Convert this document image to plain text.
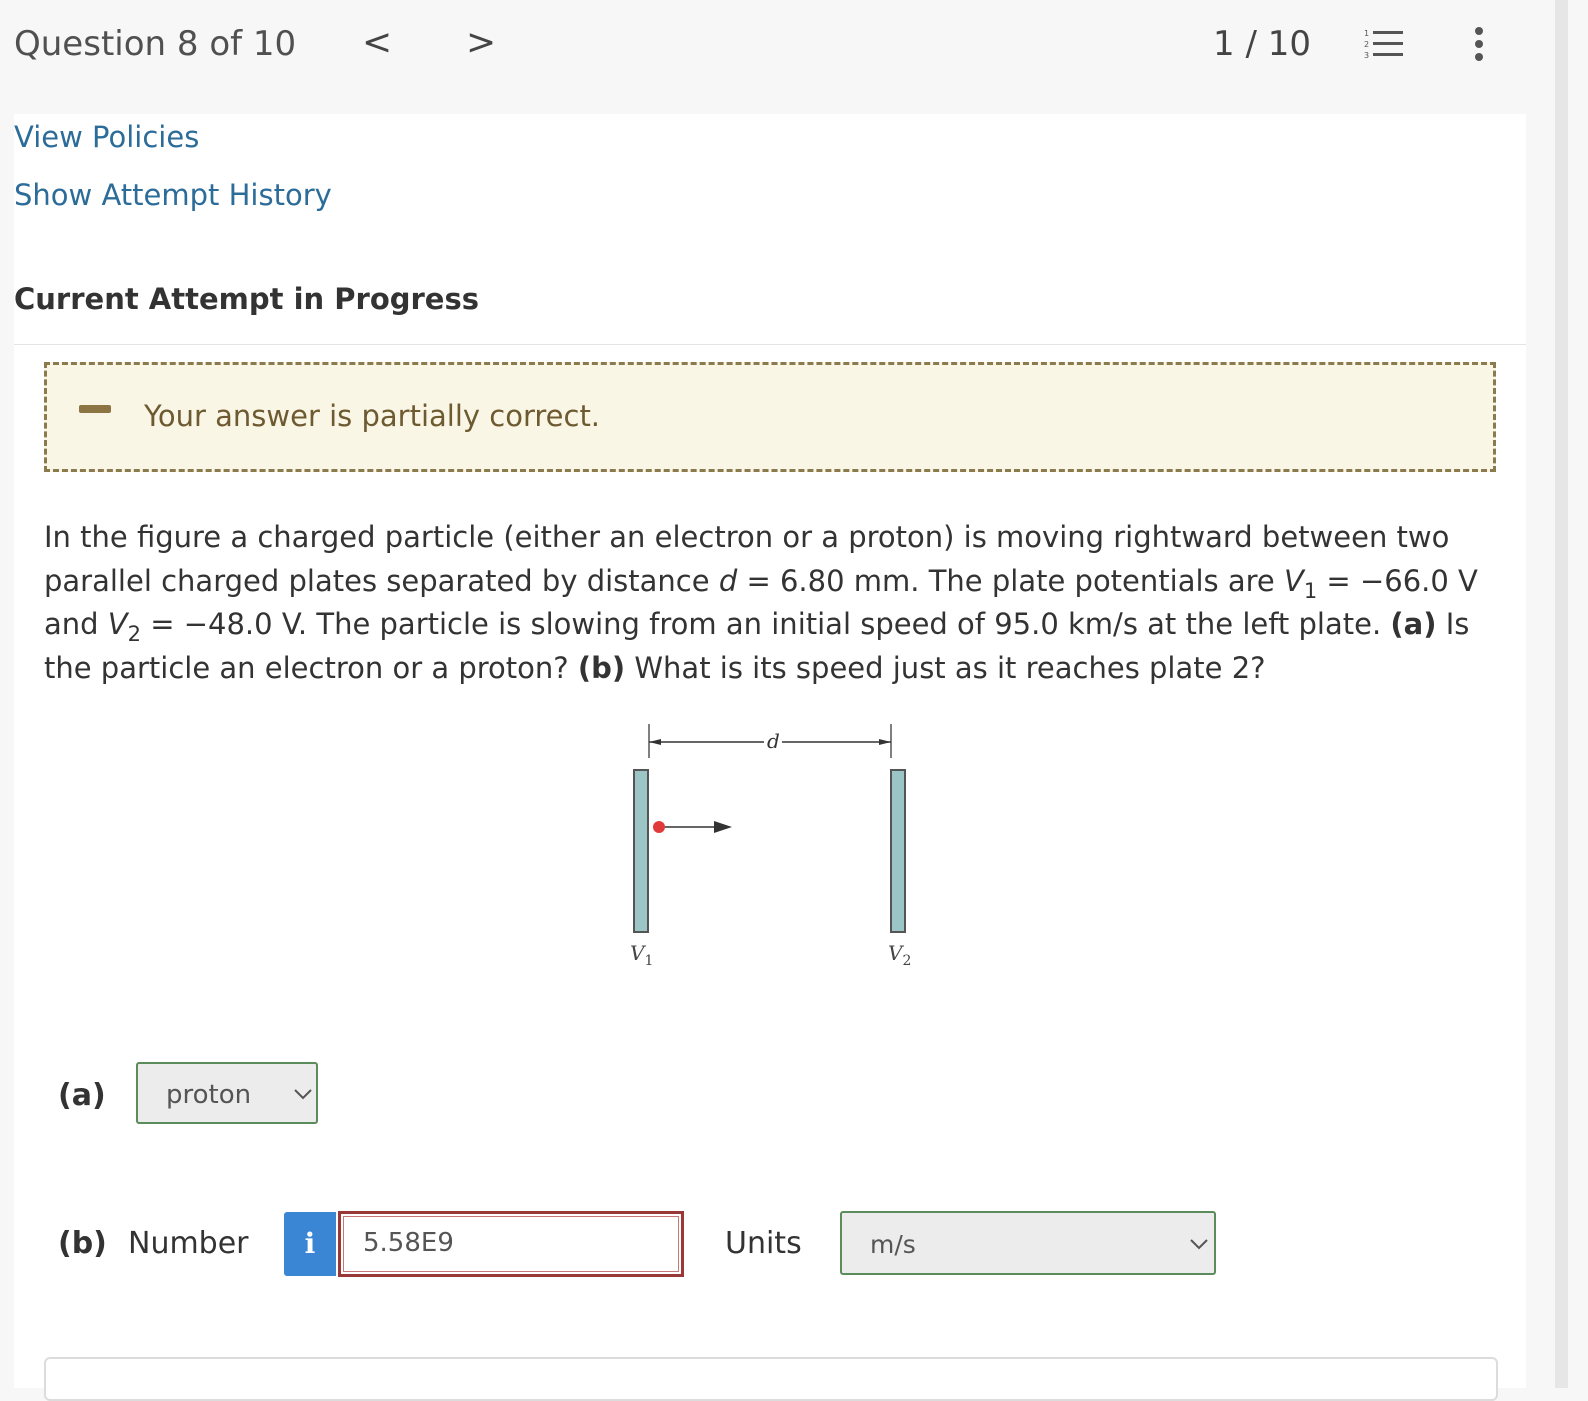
Question 8 of 10 < >	1 / 10	1
2
3
View Policies
Show Attempt History
Current Attempt in Progress
Your answer is partially correct.
In the figure a charged particle (either an electron or a proton) is moving rightward between two parallel charged plates separated by distance d = 6.80 mm. The plate potentials are $V_1 = -66.0$ V and $V_2 = -48.0$ V. The particle is slowing from an initial speed of 95.0 km/s at the left plate. (a) Is the particle an electron or a proton? (b) What is its speed just as it reaches plate 2?
d
$V_1$	$V_2$
(a) proton
(b) Number	i	5.58E9	Units	m/s
